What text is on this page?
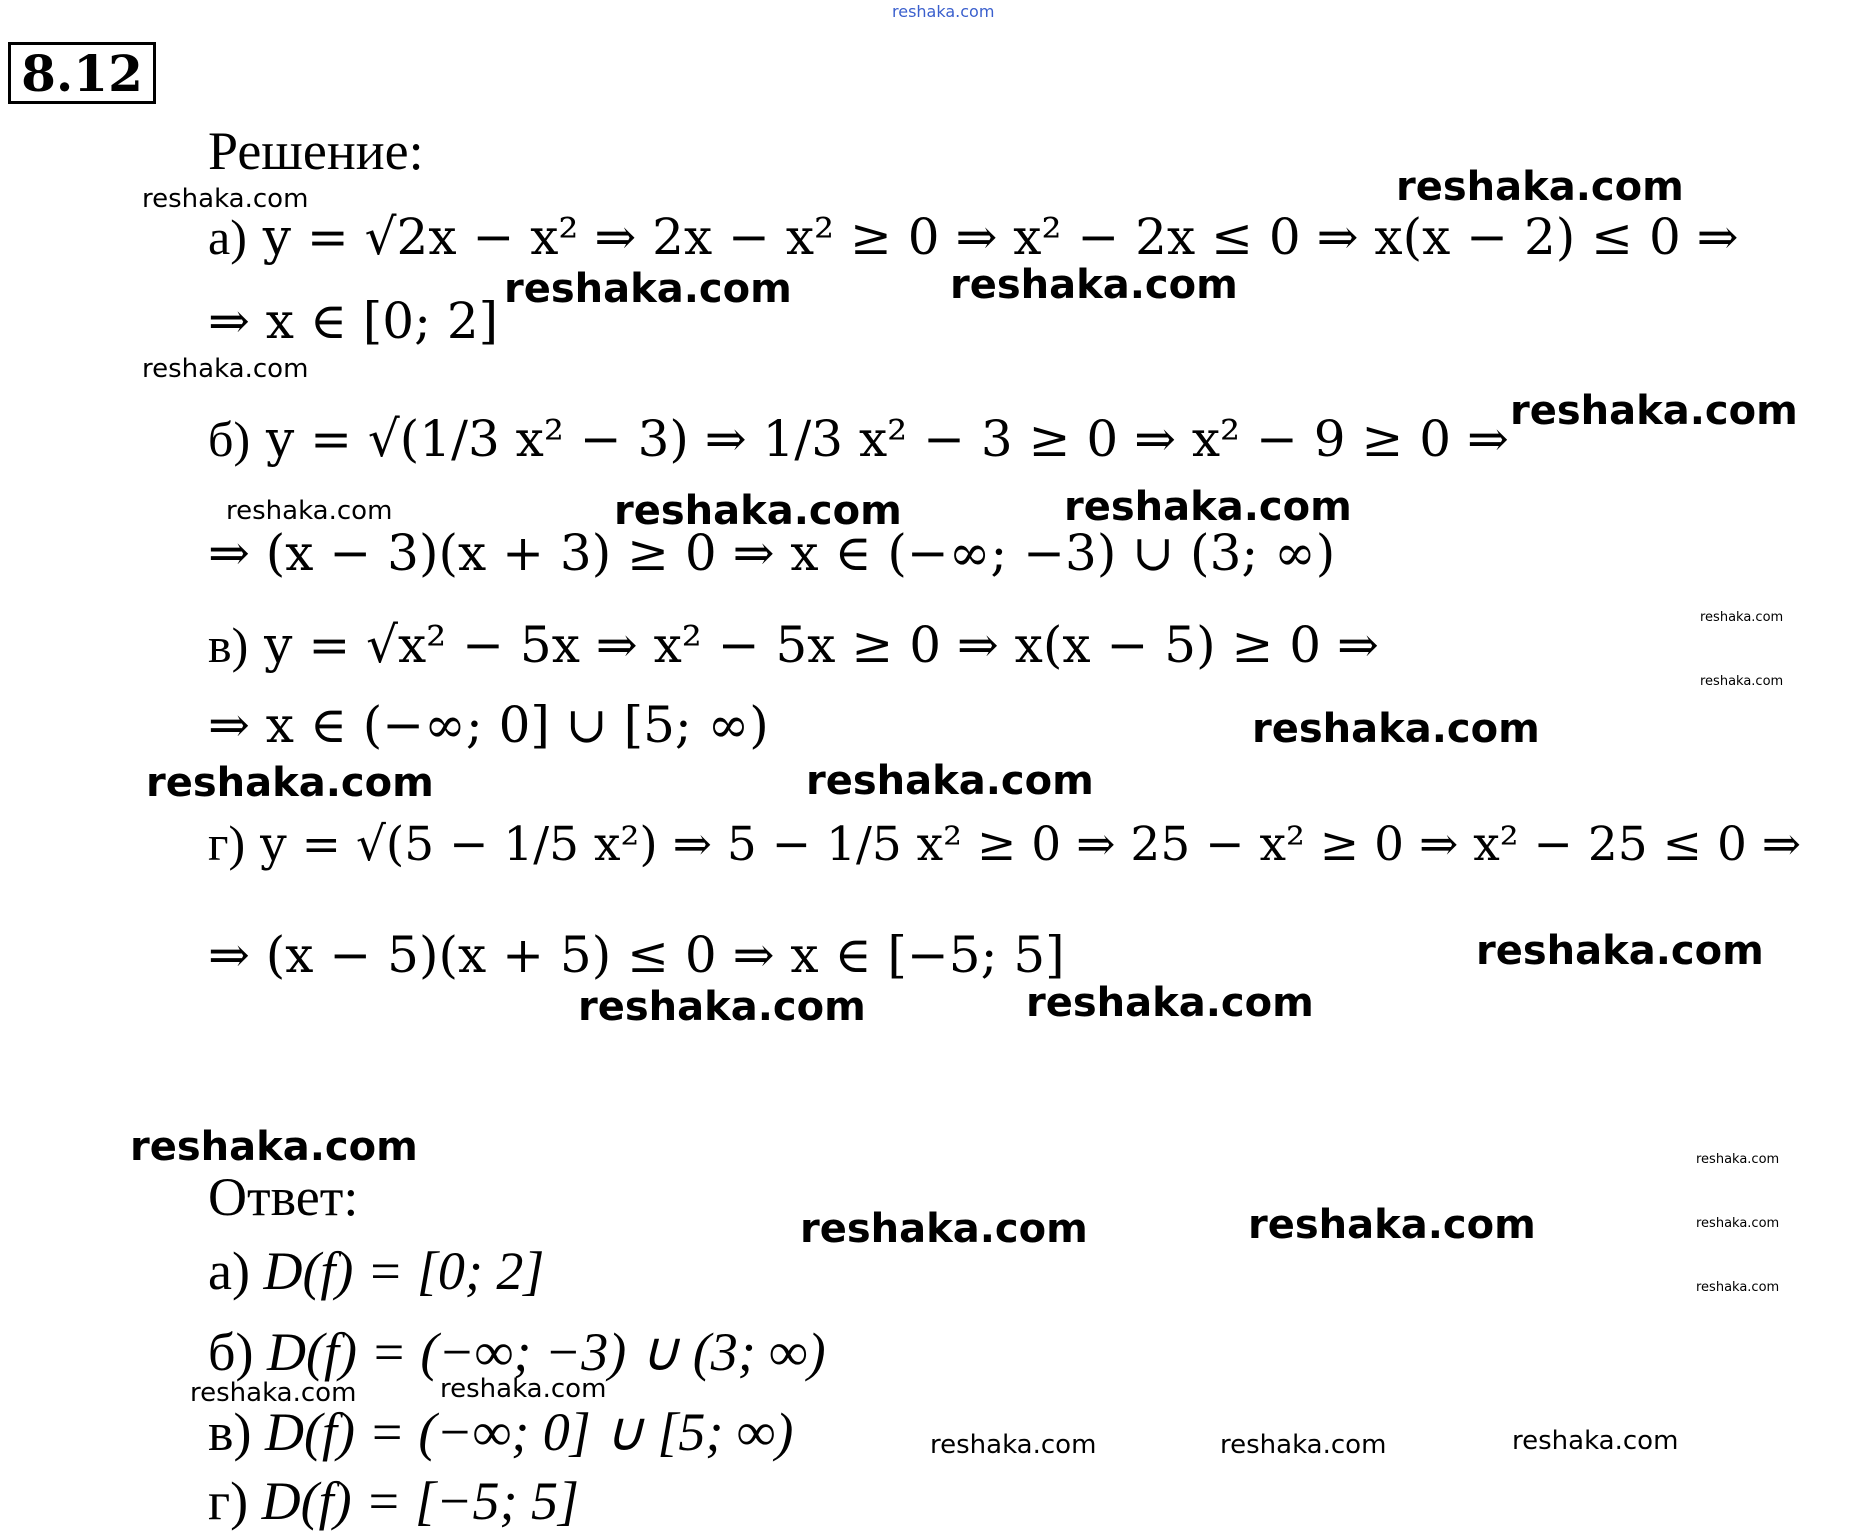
reshaka.com
8.12
Решение:
а) y = √2x − x² ⇒ 2x − x² ≥ 0 ⇒ x² − 2x ≤ 0 ⇒ x(x − 2) ≤ 0 ⇒
⇒ x ∈ [0; 2]
б) y = √(1/3 x² − 3) ⇒ 1/3 x² − 3 ≥ 0 ⇒ x² − 9 ≥ 0 ⇒
⇒ (x − 3)(x + 3) ≥ 0 ⇒ x ∈ (−∞; −3) ∪ (3; ∞)
в) y = √x² − 5x ⇒ x² − 5x ≥ 0 ⇒ x(x − 5) ≥ 0 ⇒
⇒ x ∈ (−∞; 0] ∪ [5; ∞)
г) y = √(5 − 1/5 x²) ⇒ 5 − 1/5 x² ≥ 0 ⇒ 25 − x² ≥ 0 ⇒ x² − 25 ≤ 0 ⇒
⇒ (x − 5)(x + 5) ≤ 0 ⇒ x ∈ [−5; 5]
Ответ:
а) D(f) = [0; 2]
б) D(f) = (−∞; −3) ∪ (3; ∞)
в) D(f) = (−∞; 0] ∪ [5; ∞)
г) D(f) = [−5; 5]
reshaka.com	reshaka.com
reshaka.com	reshaka.com
reshaka.com
reshaka.com
reshaka.com	reshaka.com	reshaka.com
reshaka.com
reshaka.com
reshaka.com
reshaka.com	reshaka.com
reshaka.com
reshaka.com	reshaka.com
reshaka.com	reshaka.com
reshaka.com	reshaka.com	reshaka.com
reshaka.com
reshaka.com	reshaka.com
reshaka.com	reshaka.com	reshaka.com
